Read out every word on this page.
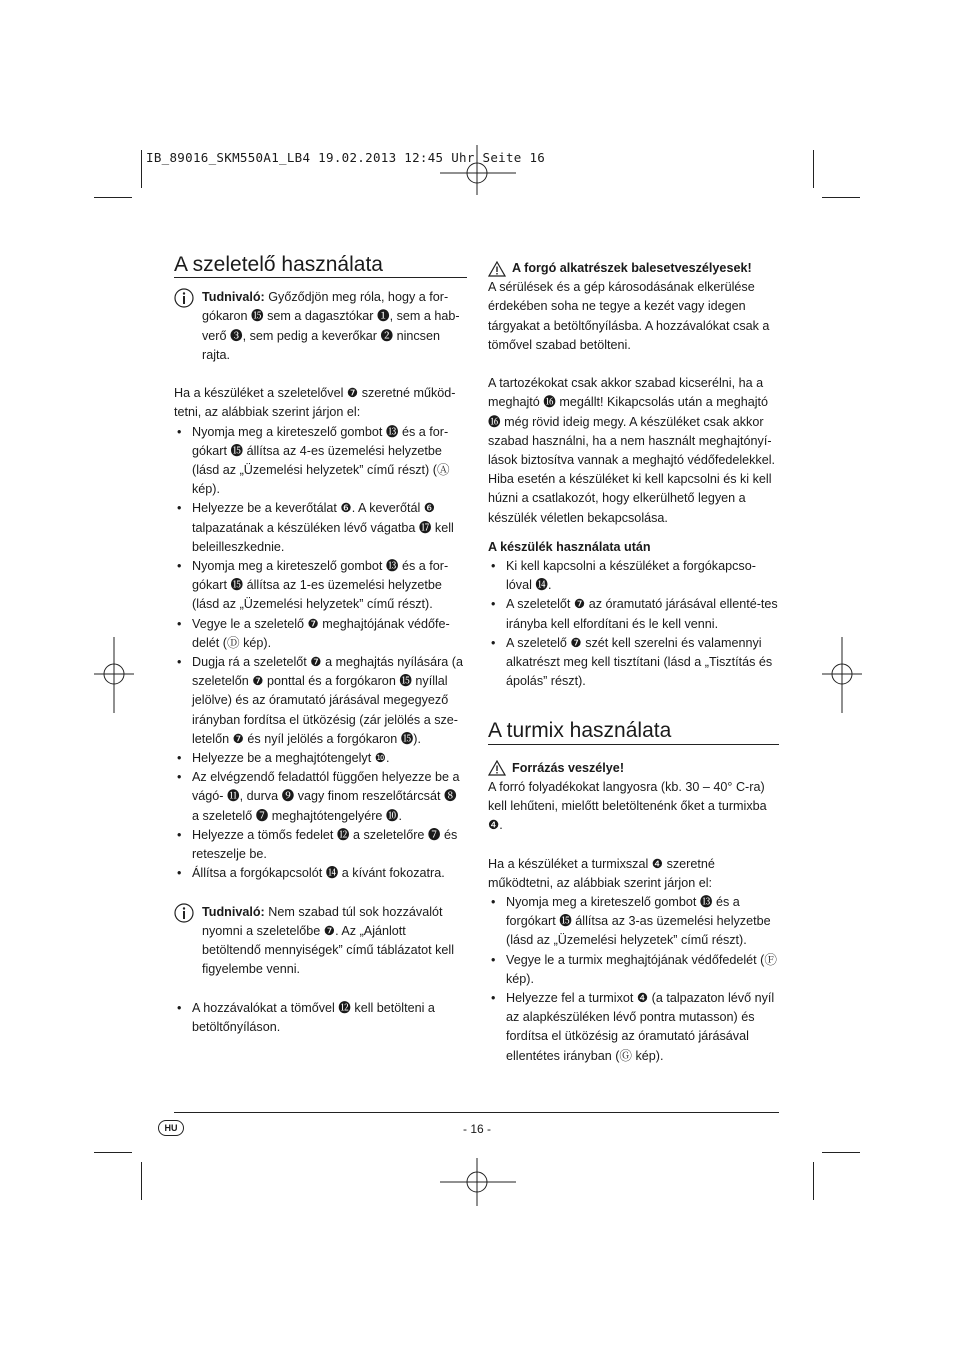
IB_89016_SKM550A1_LB4 19.02.2013 12:45 Uhr Seite 16
A szeletelő használata

Tudnivaló: Győződjön meg róla, hogy a for-gókaron ⓯ sem a dagasztókar ❶, sem a hab-verő ❸, sem pedig a keverőkar ❷ nincsen rajta.

Ha a készüléket a szeletelővel ❼ szeretné működ-tetni, az alábbiak szerint járjon el:

• Nyomja meg a kireteszelő gombot ⓭ és a for-gókart ⓯ állítsa az 4-es üzemelési helyzetbe (lásd az „Üzemelési helyzetek” című részt) (Ⓐ kép).
• Helyezze be a keverőtálat ❻. A keverőtál ❻ talpazatának a készüléken lévő vágatba ⓱ kell beleilleszkednie.
• Nyomja meg a kireteszelő gombot ⓭ és a for-gókart ⓯ állítsa az 1-es üzemelési helyzetbe (lásd az „Üzemelési helyzetek” című részt).
• Vegye le a szeletelő ❼ meghajtójának védőfe-delét (Ⓓ kép).
• Dugja rá a szeletelőt ❼ a meghajtás nyílására (a szeletelőn ❼ ponttal és a forgókaron ⓯ nyíllal jelölve) és az óramutató járásával megegyező irányban fordítsa el ütközésig (zár jelölés a sze-letelőn ❼ és nyíl jelölés a forgókaron ⓯).
• Helyezze be a meghajtótengelyt ❿.
• Az elvégzendő feladattól függően helyezze be a vágó- ⓫, durva ❾ vagy finom reszelőtárcsát ❽ a szeletelő ❼ meghajtótengelyére ❿.
• Helyezze a tömős fedelet ⓬ a szeletelőre ❼ és reteszelje be.
• Állítsa a forgókapcsolót ⓮ a kívánt fokozatra.

Tudnivaló: Nem szabad túl sok hozzávalót nyomni a szeletelőbe ❼. Az „Ajánlott betöltendő mennyiségek” című táblázatot kell figyelembe venni.

• A hozzávalókat a tömővel ⓬ kell betölteni a betöltőnyíláson.
A forgó alkatrészek balesetveszélyesek!

A sérülések és a gép károsodásának elkerülése érdekében soha ne tegye a kezét vagy idegen tárgyakat a betöltőnyílásba. A hozzávalókat csak a tömővel szabad betölteni.

A tartozékokat csak akkor szabad kicserélni, ha a meghajtó ⓰ megállt! Kikapcsolás után a meghajtó ⓰ még rövid ideig megy. A készüléket csak akkor szabad használni, ha a nem használt meghajtónyí-lások biztosítva vannak a meghajtó védőfedelekkel. Hiba esetén a készüléket ki kell kapcsolni és ki kell húzni a csatlakozót, hogy elkerülhető legyen a készülék véletlen bekapcsolása.

A készülék használata után

• Ki kell kapcsolni a készüléket a forgókapcso-lóval ⓮.
• A szeletelőt ❼ az óramutató járásával ellenté-tes irányba kell elfordítani és le kell venni.
• A szeletelő ❼ szét kell szerelni és valamennyi alkatrészt meg kell tisztítani (lásd a „Tisztítás és ápolás” részt).
A turmix használata
Forrázás veszélye!

A forró folyadékokat langyosra (kb. 30 – 40° C-ra) kell lehűteni, mielőtt beletöltenénk őket a turmixba ❹.

Ha a készüléket a turmixszal ❹ szeretné működtetni, az alábbiak szerint járjon el:

• Nyomja meg a kireteszelő gombot ⓭ és a forgókart ⓯ állítsa az 3-as üzemelési helyzetbe (lásd az „Üzemelési helyzetek” című részt).
• Vegye le a turmix meghajtójának védőfedelét (Ⓕ kép).
• Helyezze fel a turmixot ❹ (a talpazaton lévő nyíl az alapkészüléken lévő pontra mutasson) és fordítsa el ütközésig az óramutató járásával ellentétes irányban (Ⓖ kép).
HU	- 16 -
